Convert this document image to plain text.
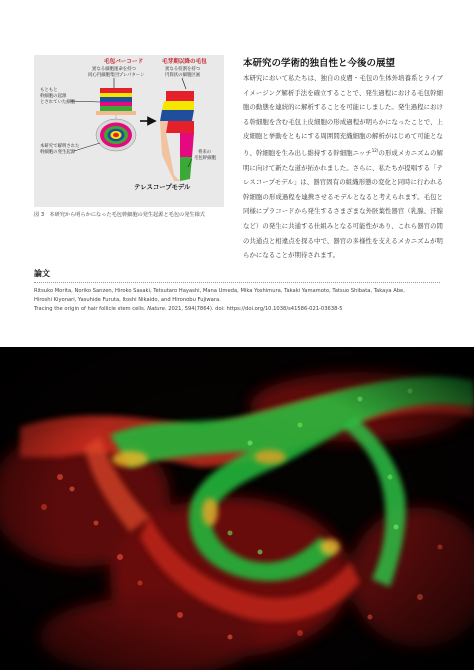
毛包バーコード
異なる細胞運命を持つ
同心円細胞集団プレパターン
毛芽期以降の毛包
異なる役割を持つ
円筒状の細胞区画
もともと
幹細胞の起源
とされていた細胞
本研究で解明された
幹細胞の発生起源	将来の
毛包幹細胞
テレスコープモデル
図 3　本研究から明らかになった毛包幹細胞の発生起源と毛包の発生様式
本研究の学術的独自性と今後の展望
本研究において私たちは、独自の皮膚・毛包の生体外培養系とライブイメージング解析手法を確立することで、発生過程における毛包幹細胞の動態を連続的に解析することを可能にしました。発生過程における幹細胞を含む毛包上皮細胞の形成過程が明らかになったことで、上皮細胞と挙動をともにする周囲間充織細胞の解析がはじめて可能となり、幹細胞を生み出し維持する幹細胞ニッチ$^{12)}$の形成メカニズムの解明に向けて新たな道が拓かれました。さらに、私たちが提唱する「テレスコープモデル」は、器官固有の組織形態の変化と同時に行われる幹細胞の形成過程を連携させるモデルとなると考えられます。毛包と同様にプラコードから発生するさまざまな外胚葉性器官（乳腺、汗腺など）の発生に共通する仕組みとなる可能性があり、これら器官の間の共通点と相違点を探る中で、器官の多様性を支えるメカニズムが明らかになることが期待されます。
論文
Ritsuko Morita, Noriko Sanzen, Hiroko Sasaki, Tetsutaro Hayashi, Mana Umeda, Mika Yoshimura, Takaki Yamamoto, Tatsuo Shibata, Takaya Abe,
Hiroshi Kiyonari, Yasuhide Furuta, Itoshi Nikaido, and Hironobu Fujiwara.
Tracing the origin of hair follicle stem cells. Nature. 2021, 594(7864). doi: https://doi.org/10.1038/s41586-021-03638-5
